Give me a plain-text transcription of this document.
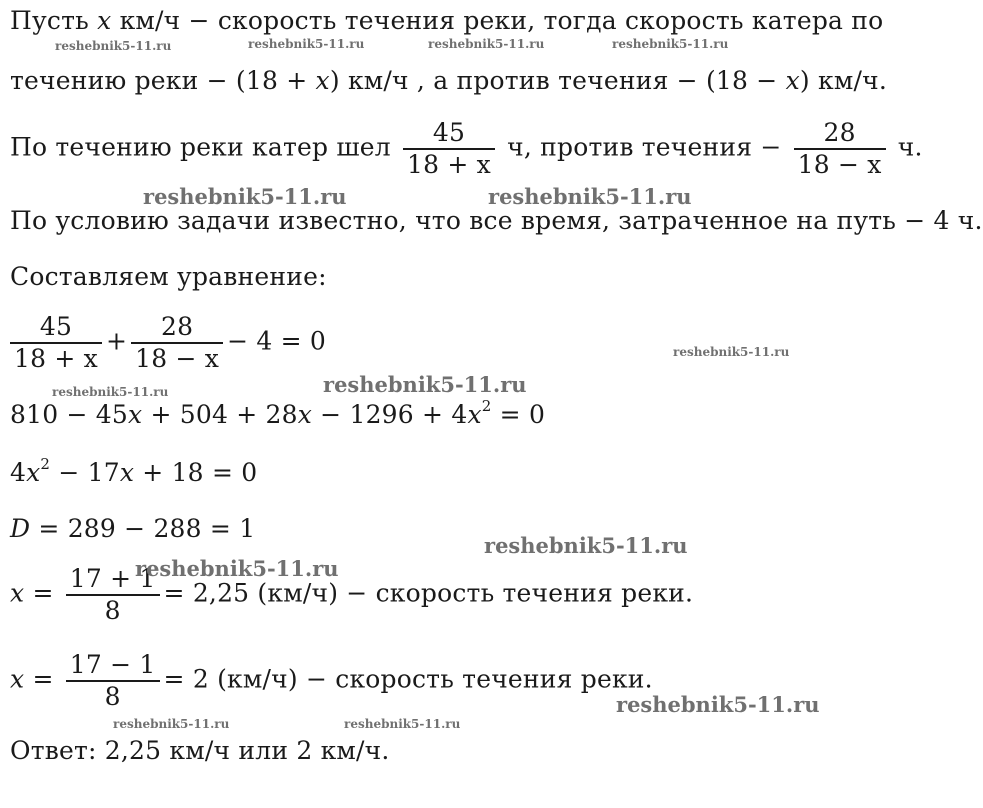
Пусть x км/ч − скорость течения реки, тогда скорость катера по
течению реки − (18 + x) км/ч , а против течения − (18 − x) км/ч.
По течению реки катер шел $\frac{45}{18 + x} ч$, против течения − $\frac{28}{18 - x} ч$.
По условию задачи известно, что все время, затраченное на путь − 4 ч.
Составляем уравнение:
$\frac{45}{18 + x} + \frac{28}{18 - x} - 4 = 0$
$810 - 45x + 504 + 28x - 1296 + 4x^2 = 0$
$4x^2 - 17x + 18 = 0$
D = 289 − 288 = 1
$x = \frac{17 + 1}{8} = 2,25$ (км/ч) − скорость течения реки.
$x = \frac{17 - 1}{8} = 2$ (км/ч) − скорость течения реки.
Ответ: 2,25 км/ч или 2 км/ч.
reshebnik5-11.ru	reshebnik5-11.ru	reshebnik5-11.ru	reshebnik5-11.ru
reshebnik5-11.ru	reshebnik5-11.ru
reshebnik5-11.ru
reshebnik5-11.ru	reshebnik5-11.ru
reshebnik5-11.ru
reshebnik5-11.ru
reshebnik5-11.ru
reshebnik5-11.ru	reshebnik5-11.ru
